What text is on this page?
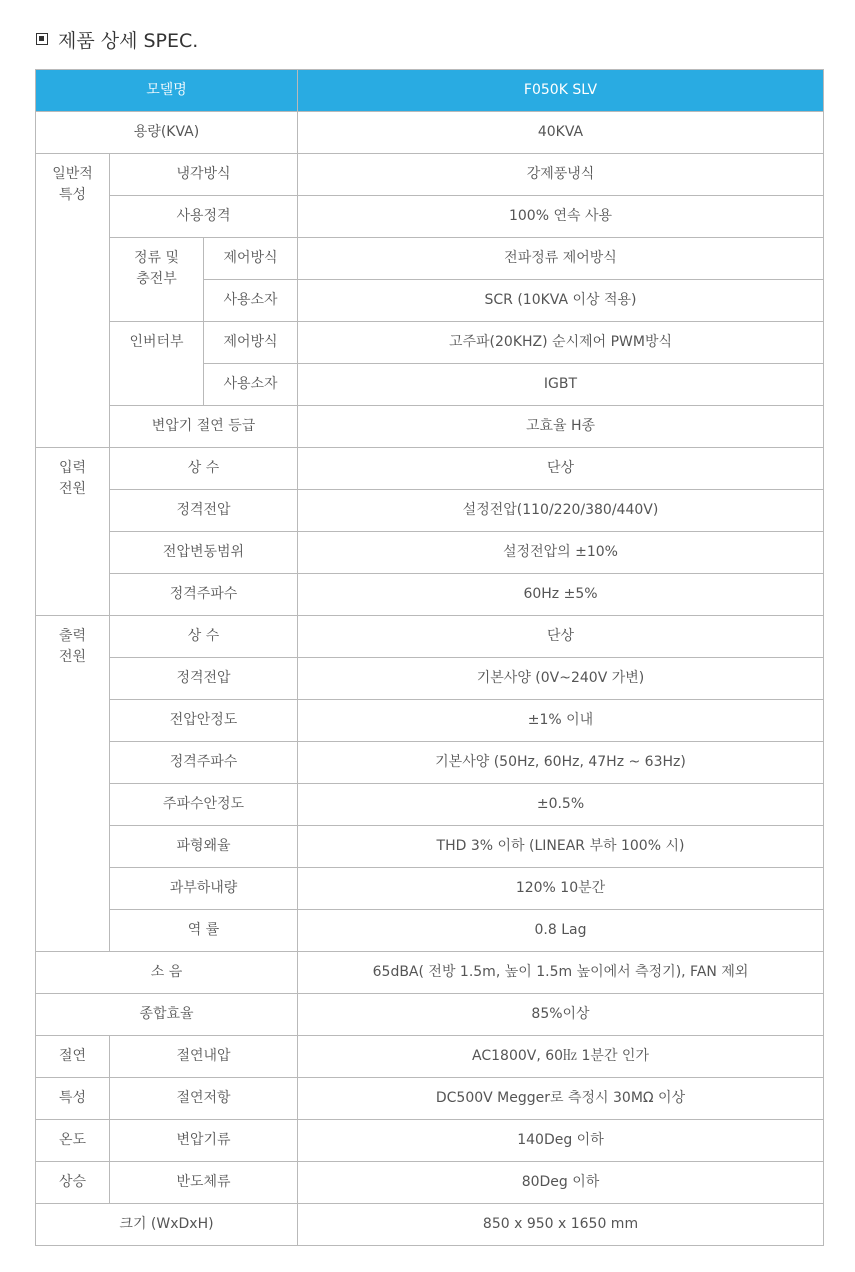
제품 상세 SPEC.
모델명			F050K SLV
용량(KVA)			40KVA
일반적 특성	냉각방식		강제풍냉식
	사용정격		100% 연속 사용
	정류 및 충전부	제어방식	전파정류 제어방식
		사용소자	SCR (10KVA 이상 적용)
	인버터부	제어방식	고주파(20KHZ) 순시제어 PWM방식
		사용소자	IGBT
	변압기 절연 등급		고효율 H종
입력 전원	상 수		단상
	정격전압		설정전압(110/220/380/440V)
	전압변동범위		설정전압의 ±10%
	정격주파수		60Hz ±5%
출력 전원	상 수		단상
	정격전압		기본사양 (0V~240V 가변)
	전압안정도		±1% 이내
	정격주파수		기본사양 (50Hz, 60Hz, 47Hz ~ 63Hz)
	주파수안정도		±0.5%
	파형왜율		THD 3% 이하 (LINEAR 부하 100% 시)
	과부하내량		120% 10분간
	역 률		0.8 Lag
소 음			65dBA( 전방 1.5m, 높이 1.5m 높이에서 측정기), FAN 제외
종합효율			85%이상
절연	절연내압		AC1800V, 60㎐ 1분간 인가
특성	절연저항		DC500V Megger로 측정시 30MΩ 이상
온도	변압기류		140Deg 이하
상승	반도체류		80Deg 이하
크기 (WxDxH)			850 x 950 x 1650 mm
